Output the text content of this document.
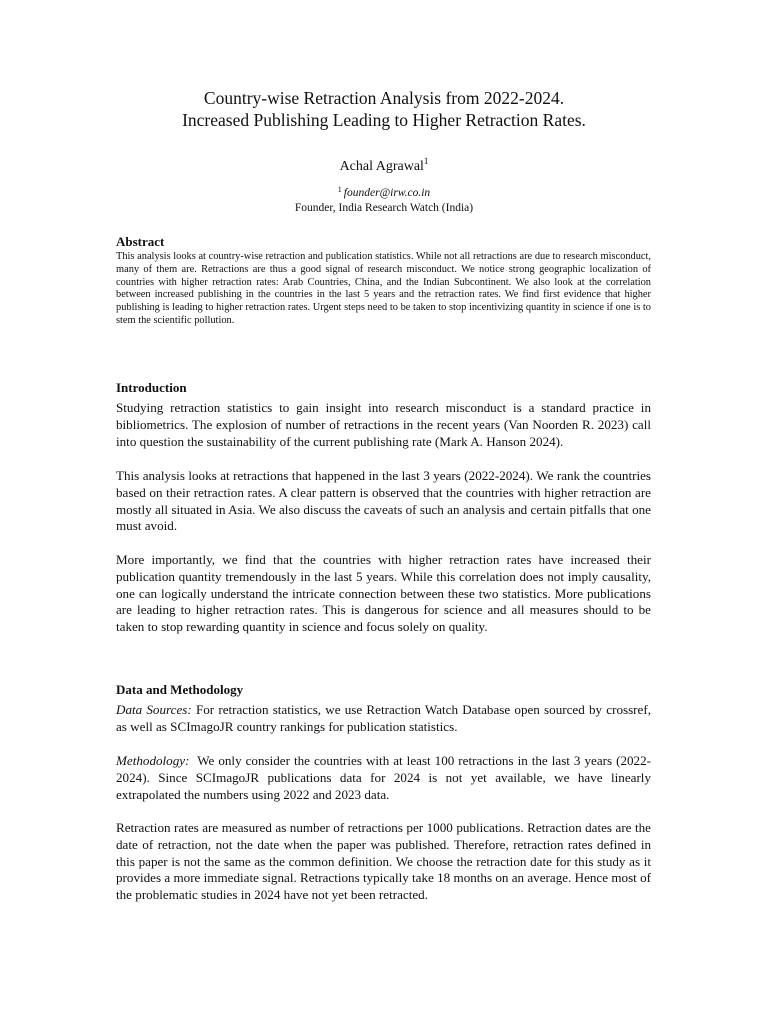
Country-wise Retraction Analysis from 2022-2024.
Increased Publishing Leading to Higher Retraction Rates.
Achal Agrawal$^1$
$^1$ founder@irw.co.in
Founder, India Research Watch (India)
Abstract
This analysis looks at country-wise retraction and publication statistics. While not all retractions are due to research misconduct, many of them are. Retractions are thus a good signal of research misconduct. We notice strong geographic localization of countries with higher retraction rates: Arab Countries, China, and the Indian Subcontinent. We also look at the correlation between increased publishing in the countries in the last 5 years and the retraction rates. We find first evidence that higher publishing is leading to higher retraction rates. Urgent steps need to be taken to stop incentivizing quantity in science if one is to stem the scientific pollution.
Introduction

Studying retraction statistics to gain insight into research misconduct is a standard practice in bibliometrics. The explosion of number of retractions in the recent years (Van Noorden R. 2023) call into question the sustainability of the current publishing rate (Mark A. Hanson 2024).

This analysis looks at retractions that happened in the last 3 years (2022-2024). We rank the countries based on their retraction rates. A clear pattern is observed that the countries with higher retraction are mostly all situated in Asia. We also discuss the caveats of such an analysis and certain pitfalls that one must avoid.

More importantly, we find that the countries with higher retraction rates have increased their publication quantity tremendously in the last 5 years. While this correlation does not imply causality, one can logically understand the intricate connection between these two statistics. More publications are leading to higher retraction rates. This is dangerous for science and all measures should to be taken to stop rewarding quantity in science and focus solely on quality.

Data and Methodology

Data Sources: For retraction statistics, we use Retraction Watch Database open sourced by crossref, as well as SCImagoJR country rankings for publication statistics.

Methodology: We only consider the countries with at least 100 retractions in the last 3 years (2022-2024). Since SCImagoJR publications data for 2024 is not yet available, we have linearly extrapolated the numbers using 2022 and 2023 data.

Retraction rates are measured as number of retractions per 1000 publications. Retraction dates are the date of retraction, not the date when the paper was published. Therefore, retraction rates defined in this paper is not the same as the common definition. We choose the retraction date for this study as it provides a more immediate signal. Retractions typically take 18 months on an average. Hence most of the problematic studies in 2024 have not yet been retracted.
